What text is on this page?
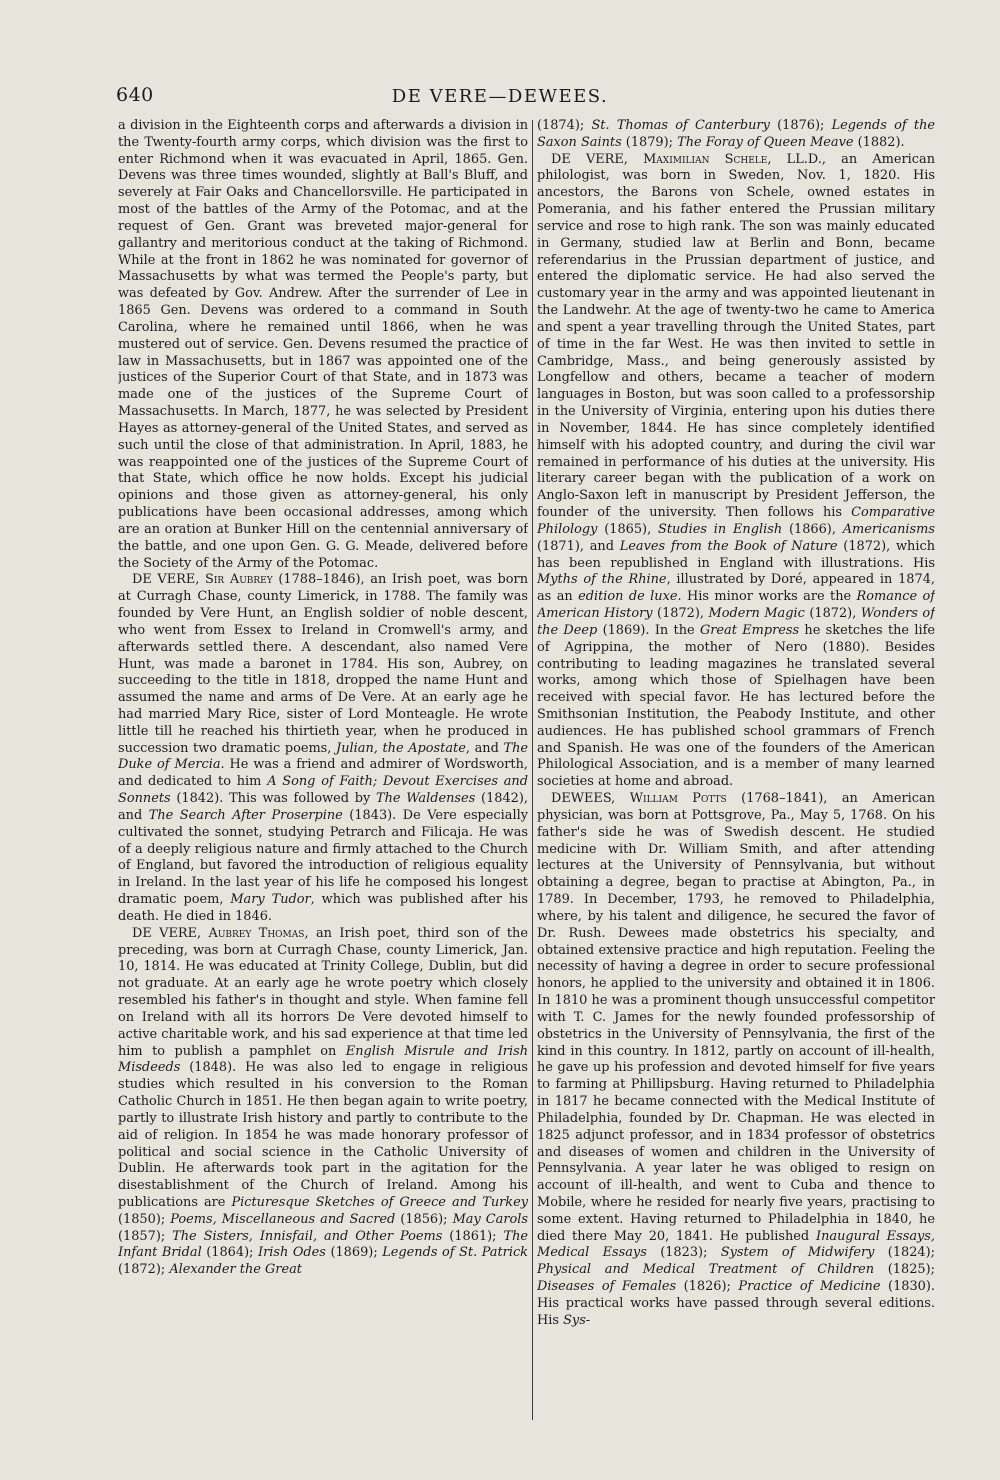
640	DE VERE—DEWEES.

a division in the Eighteenth corps and afterwards a division in the Twenty-fourth army corps, which division was the first to enter Richmond when it was evacuated in April, 1865. Gen. Devens was three times wounded, slightly at Ball's Bluff, and severely at Fair Oaks and Chancellorsville. He participated in most of the battles of the Army of the Potomac, and at the request of Gen. Grant was breveted major-general for gallantry and meritorious conduct at the taking of Richmond. While at the front in 1862 he was nominated for governor of Massachusetts by what was termed the People's party, but was defeated by Gov. Andrew. After the surrender of Lee in 1865 Gen. Devens was ordered to a command in South Carolina, where he remained until 1866, when he was mustered out of service. Gen. Devens resumed the practice of law in Massachusetts, but in 1867 was appointed one of the justices of the Superior Court of that State, and in 1873 was made one of the justices of the Supreme Court of Massachusetts. In March, 1877, he was selected by President Hayes as attorney-general of the United States, and served as such until the close of that administration. In April, 1883, he was reappointed one of the justices of the Supreme Court of that State, which office he now holds. Except his judicial opinions and those given as attorney-general, his only publications have been occasional addresses, among which are an oration at Bunker Hill on the centennial anniversary of the battle, and one upon Gen. G. G. Meade, delivered before the Society of the Army of the Potomac.

DE VERE, Sir Aubrey (1788–1846), an Irish poet, was born at Curragh Chase, county Limerick, in 1788. The family was founded by Vere Hunt, an English soldier of noble descent, who went from Essex to Ireland in Cromwell's army, and afterwards settled there. A descendant, also named Vere Hunt, was made a baronet in 1784. His son, Aubrey, on succeeding to the title in 1818, dropped the name Hunt and assumed the name and arms of De Vere. At an early age he had married Mary Rice, sister of Lord Monteagle. He wrote little till he reached his thirtieth year, when he produced in succession two dramatic poems, Julian, the Apostate, and The Duke of Mercia. He was a friend and admirer of Wordsworth, and dedicated to him A Song of Faith; Devout Exercises and Sonnets (1842). This was followed by The Waldenses (1842), and The Search After Proserpine (1843). De Vere especially cultivated the sonnet, studying Petrarch and Filicaja. He was of a deeply religious nature and firmly attached to the Church of England, but favored the introduction of religious equality in Ireland. In the last year of his life he composed his longest dramatic poem, Mary Tudor, which was published after his death. He died in 1846.

DE VERE, Aubrey Thomas, an Irish poet, third son of the preceding, was born at Curragh Chase, county Limerick, Jan. 10, 1814. He was educated at Trinity College, Dublin, but did not graduate. At an early age he wrote poetry which closely resembled his father's in thought and style. When famine fell on Ireland with all its horrors De Vere devoted himself to active charitable work, and his sad experience at that time led him to publish a pamphlet on English Misrule and Irish Misdeeds (1848). He was also led to engage in religious studies which resulted in his conversion to the Roman Catholic Church in 1851. He then began again to write poetry, partly to illustrate Irish history and partly to contribute to the aid of religion. In 1854 he was made honorary professor of political and social science in the Catholic University of Dublin. He afterwards took part in the agitation for the disestablishment of the Church of Ireland. Among his publications are Picturesque Sketches of Greece and Turkey (1850); Poems, Miscellaneous and Sacred (1856); May Carols (1857); The Sisters, Innisfail, and Other Poems (1861); The Infant Bridal (1864); Irish Odes (1869); Legends of St. Patrick (1872); Alexander the Great

(1874); St. Thomas of Canterbury (1876); Legends of the Saxon Saints (1879); The Foray of Queen Meave (1882).

DE VERE, Maximilian Schele, LL.D., an American philologist, was born in Sweden, Nov. 1, 1820. His ancestors, the Barons von Schele, owned estates in Pomerania, and his father entered the Prussian military service and rose to high rank. The son was mainly educated in Germany, studied law at Berlin and Bonn, became referendarius in the Prussian department of justice, and entered the diplomatic service. He had also served the customary year in the army and was appointed lieutenant in the Landwehr. At the age of twenty-two he came to America and spent a year travelling through the United States, part of time in the far West. He was then invited to settle in Cambridge, Mass., and being generously assisted by Longfellow and others, became a teacher of modern languages in Boston, but was soon called to a professorship in the University of Virginia, entering upon his duties there in November, 1844. He has since completely identified himself with his adopted country, and during the civil war remained in performance of his duties at the university. His literary career began with the publication of a work on Anglo-Saxon left in manuscript by President Jefferson, the founder of the university. Then follows his Comparative Philology (1865), Studies in English (1866), Americanisms (1871), and Leaves from the Book of Nature (1872), which has been republished in England with illustrations. His Myths of the Rhine, illustrated by Doré, appeared in 1874, as an edition de luxe. His minor works are the Romance of American History (1872), Modern Magic (1872), Wonders of the Deep (1869). In the Great Empress he sketches the life of Agrippina, the mother of Nero (1880). Besides contributing to leading magazines he translated several works, among which those of Spielhagen have been received with special favor. He has lectured before the Smithsonian Institution, the Peabody Institute, and other audiences. He has published school grammars of French and Spanish. He was one of the founders of the American Philological Association, and is a member of many learned societies at home and abroad.

DEWEES, William Potts (1768–1841), an American physician, was born at Pottsgrove, Pa., May 5, 1768. On his father's side he was of Swedish descent. He studied medicine with Dr. William Smith, and after attending lectures at the University of Pennsylvania, but without obtaining a degree, began to practise at Abington, Pa., in 1789. In December, 1793, he removed to Philadelphia, where, by his talent and diligence, he secured the favor of Dr. Rush. Dewees made obstetrics his specialty, and obtained extensive practice and high reputation. Feeling the necessity of having a degree in order to secure professional honors, he applied to the university and obtained it in 1806. In 1810 he was a prominent though unsuccessful competitor with T. C. James for the newly founded professorship of obstetrics in the University of Pennsylvania, the first of the kind in this country. In 1812, partly on account of ill-health, he gave up his profession and devoted himself for five years to farming at Phillipsburg. Having returned to Philadelphia in 1817 he became connected with the Medical Institute of Philadelphia, founded by Dr. Chapman. He was elected in 1825 adjunct professor, and in 1834 professor of obstetrics and diseases of women and children in the University of Pennsylvania. A year later he was obliged to resign on account of ill-health, and went to Cuba and thence to Mobile, where he resided for nearly five years, practising to some extent. Having returned to Philadelphia in 1840, he died there May 20, 1841. He published Inaugural Essays, Medical Essays (1823); System of Midwifery (1824); Physical and Medical Treatment of Children (1825); Diseases of Females (1826); Practice of Medicine (1830). His practical works have passed through several editions. His Sys-
